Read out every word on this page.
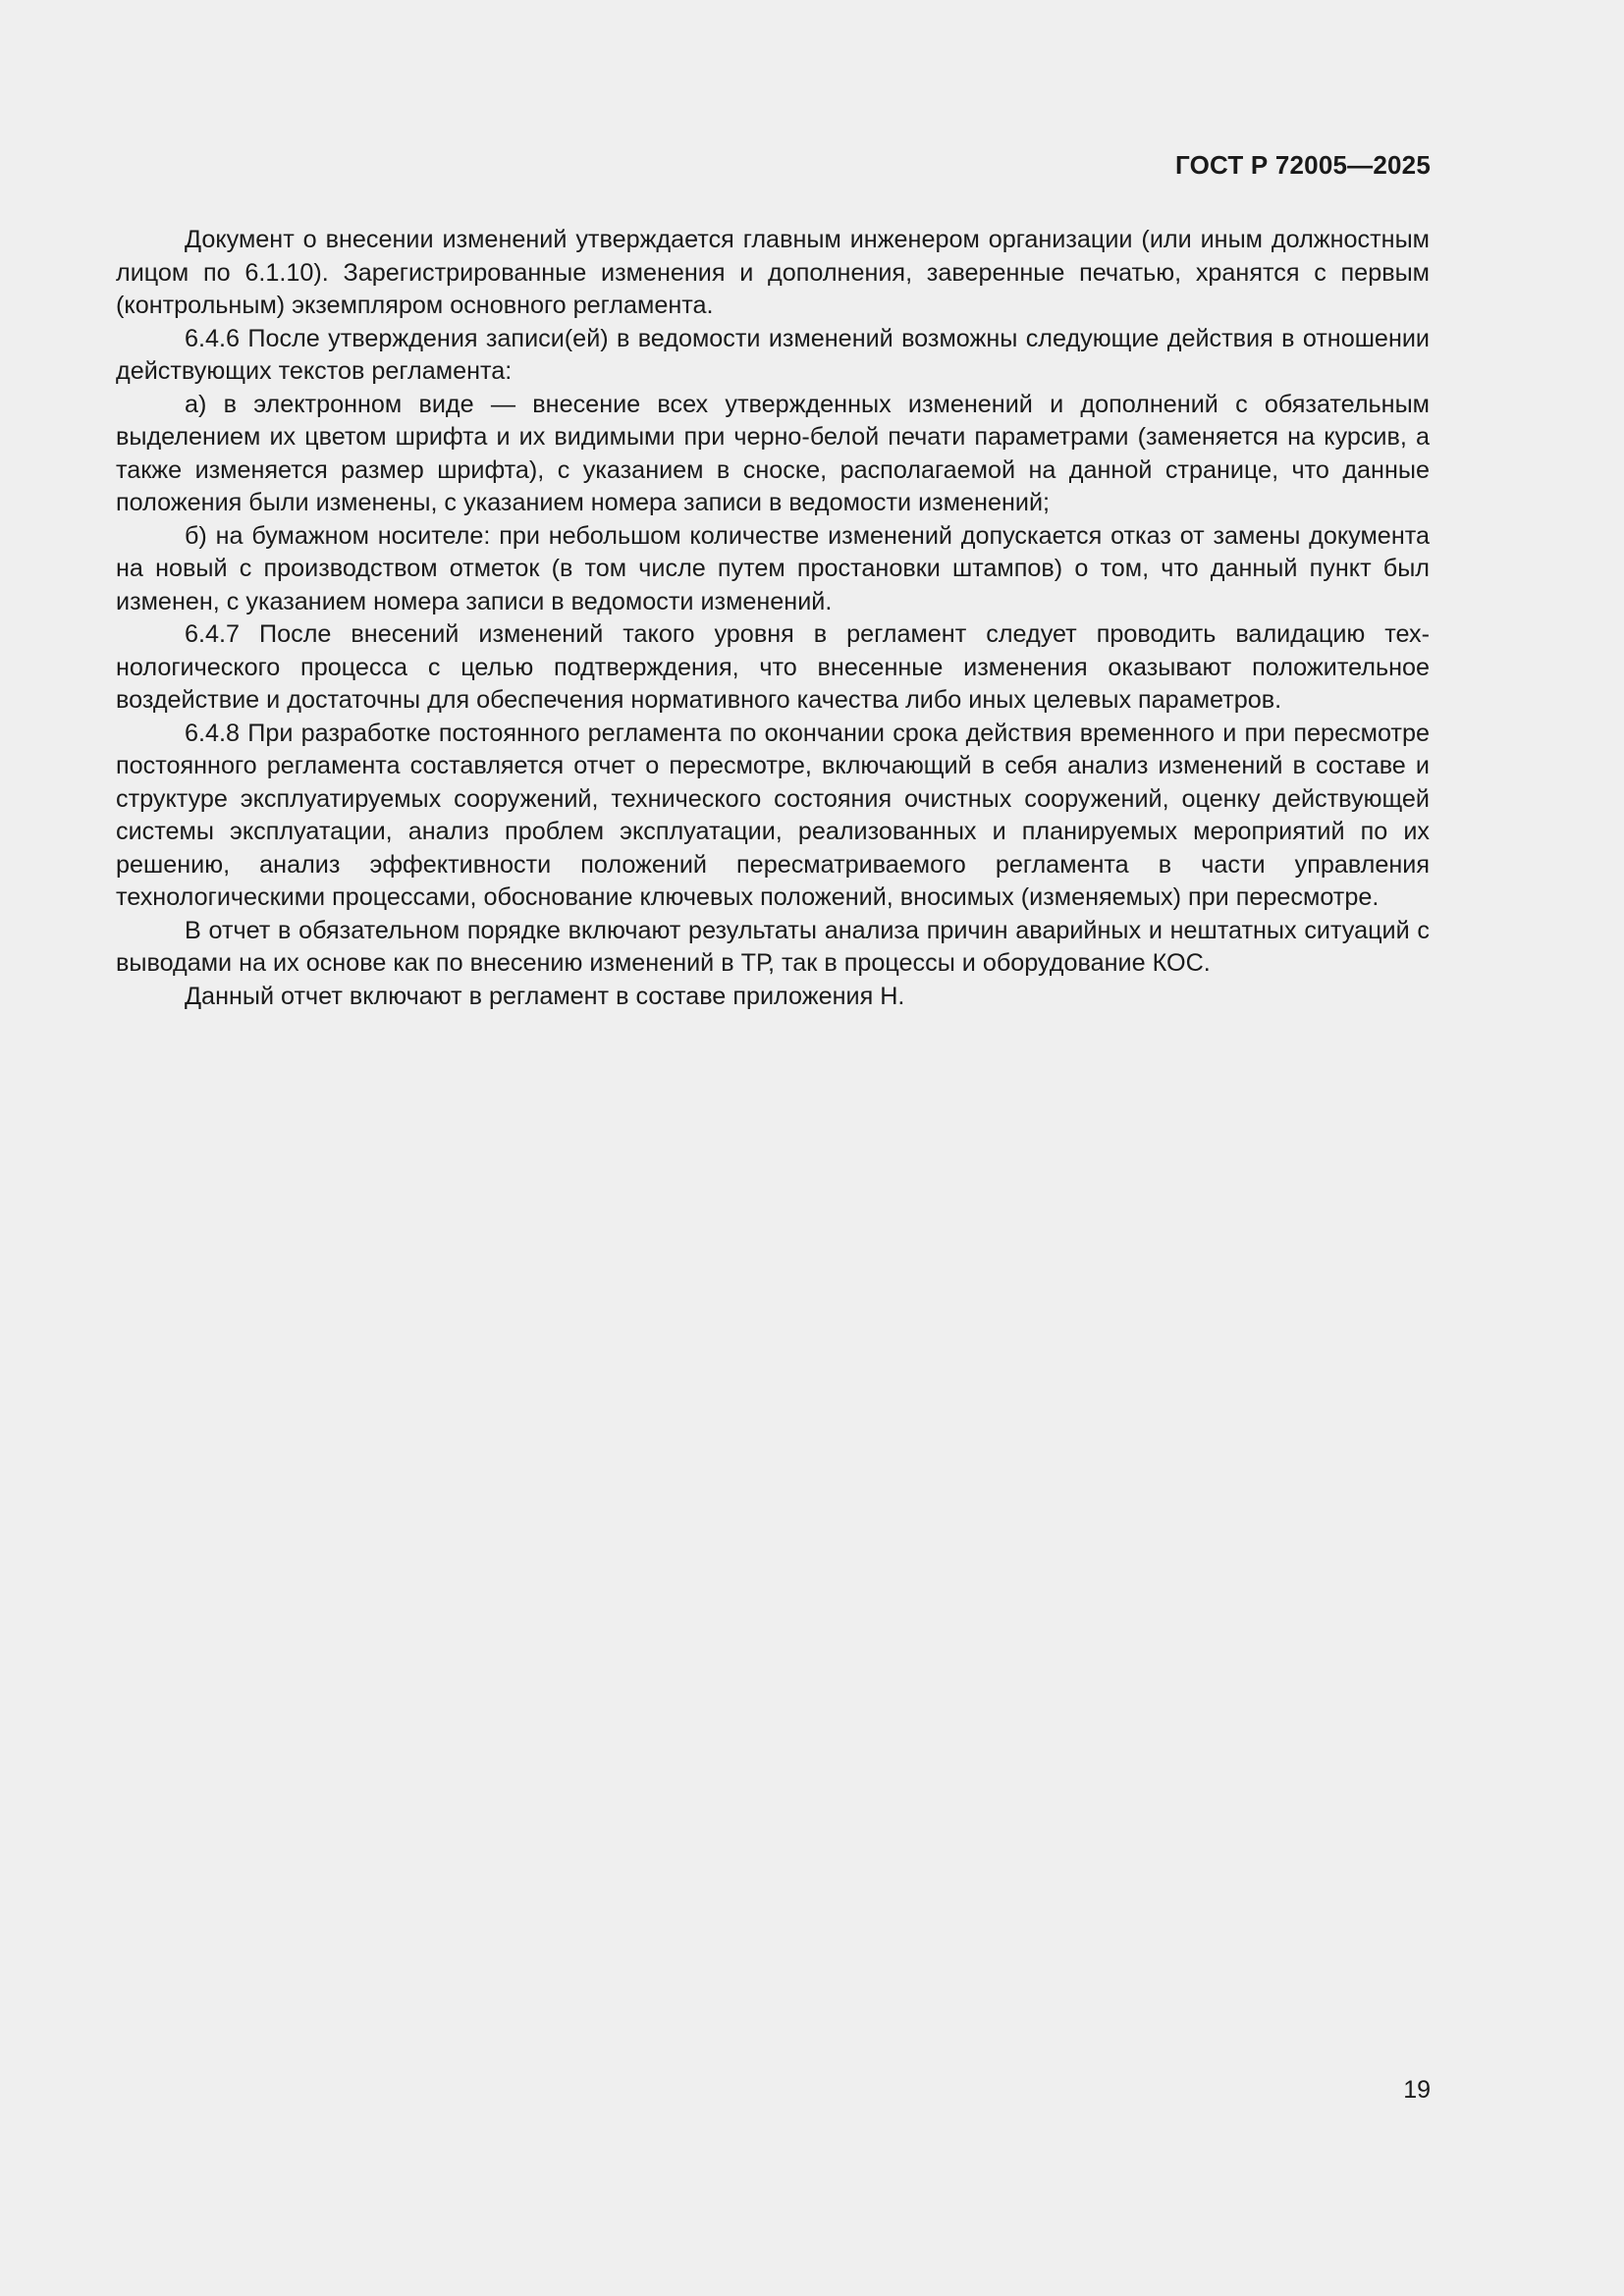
ГОСТ Р 72005—2025

Документ о внесении изменений утверждается главным инженером организации (или иным должностным лицом по 6.1.10). Зарегистрированные изменения и дополнения, заверенные печатью, хранятся с первым (контрольным) экземпляром основного регламента.

6.4.6 После утверждения записи(ей) в ведомости изменений возможны следующие действия в отношении действующих текстов регламента:

а) в электронном виде — внесение всех утвержденных изменений и дополнений с обязательным выделением их цветом шрифта и их видимыми при черно-белой печати параметрами (заменяется на курсив, а также изменяется размер шрифта), с указанием в сноске, располагаемой на данной странице, что данные положения были изменены, с указанием номера записи в ведомости изменений;

б) на бумажном носителе: при небольшом количестве изменений допускается отказ от замены документа на новый с производством отметок (в том числе путем простановки штампов) о том, что данный пункт был изменен, с указанием номера записи в ведомости изменений.

6.4.7 После внесений изменений такого уровня в регламент следует проводить валидацию технологического процесса с целью подтверждения, что внесенные изменения оказывают положительное воздействие и достаточны для обеспечения нормативного качества либо иных целевых параметров.

6.4.8 При разработке постоянного регламента по окончании срока действия временного и при пересмотре постоянного регламента составляется отчет о пересмотре, включающий в себя анализ изменений в составе и структуре эксплуатируемых сооружений, технического состояния очистных сооружений, оценку действующей системы эксплуатации, анализ проблем эксплуатации, реализованных и планируемых мероприятий по их решению, анализ эффективности положений пересматриваемого регламента в части управления технологическими процессами, обоснование ключевых положений, вносимых (изменяемых) при пересмотре.

В отчет в обязательном порядке включают результаты анализа причин аварийных и нештатных ситуаций с выводами на их основе как по внесению изменений в ТР, так в процессы и оборудование КОС.

Данный отчет включают в регламент в составе приложения Н.

19
